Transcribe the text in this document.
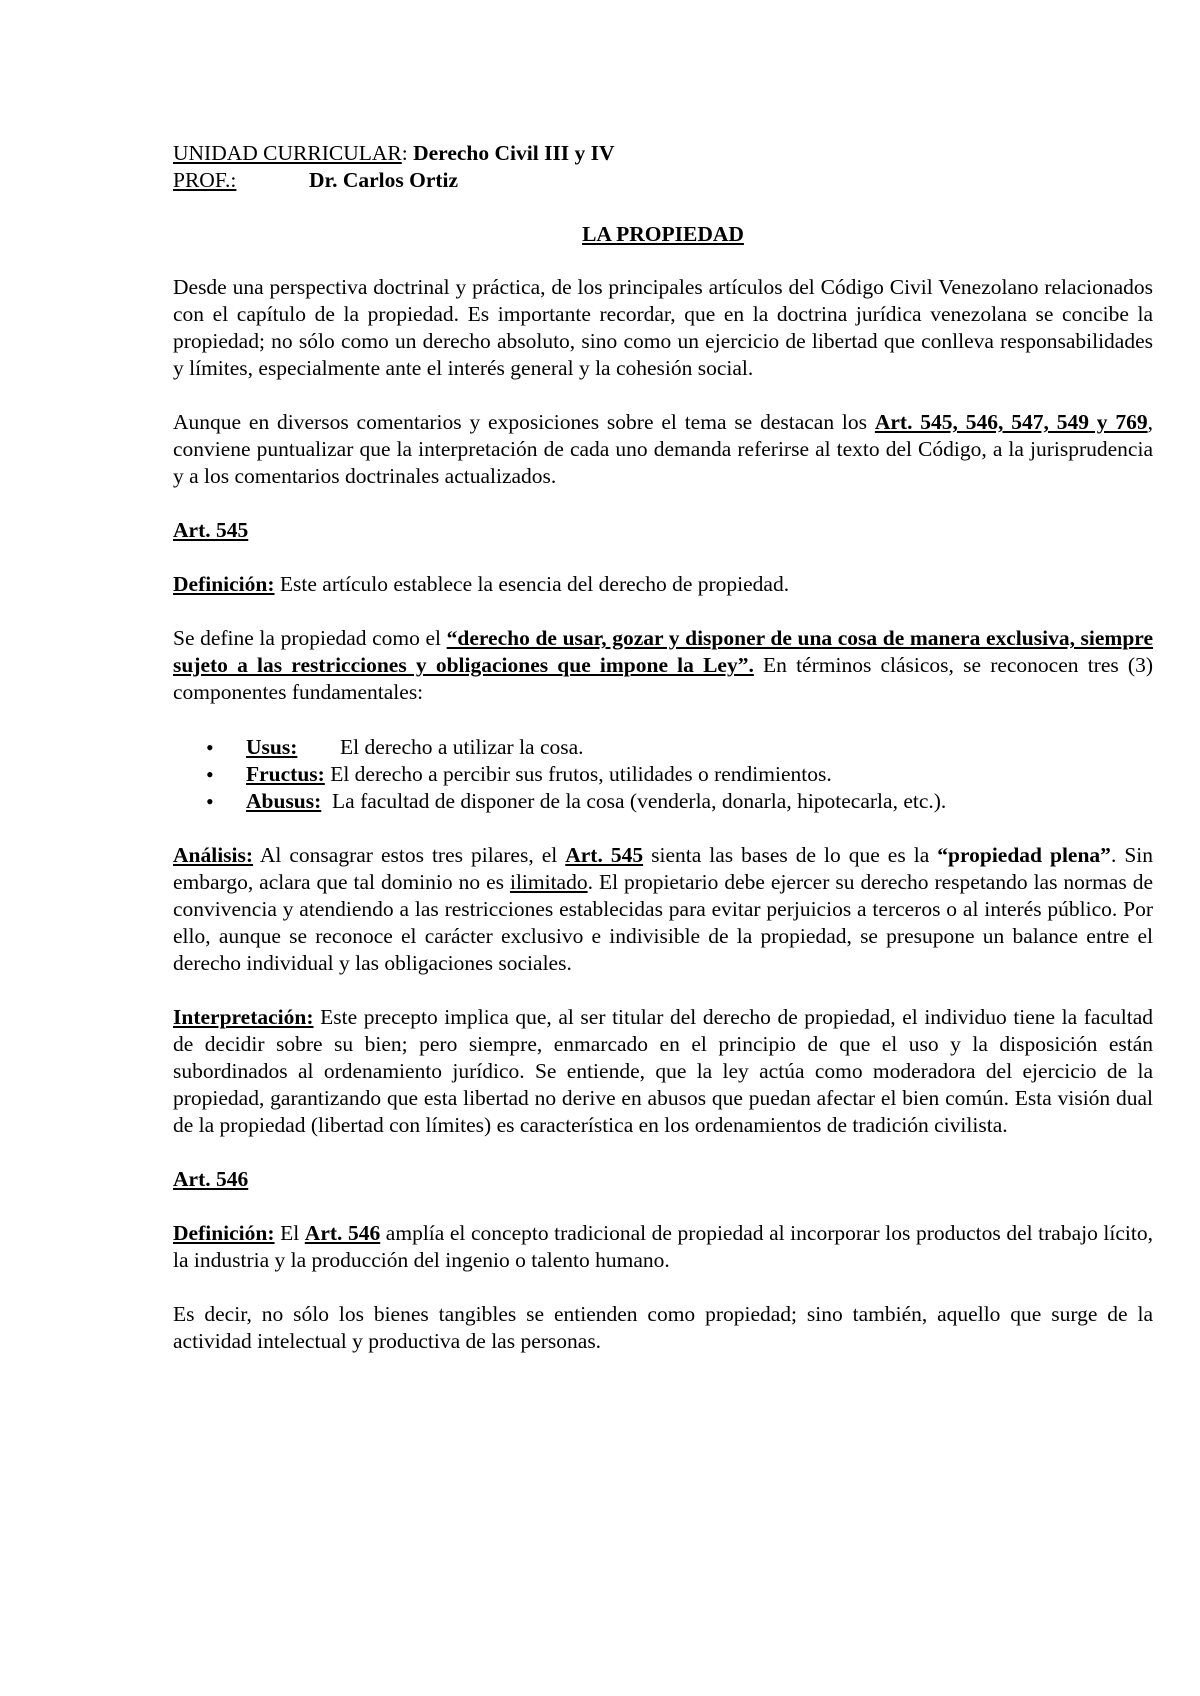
UNIDAD CURRICULAR: Derecho Civil III y IV

PROF.:	Dr. Carlos Ortiz

LA PROPIEDAD

Desde una perspectiva doctrinal y práctica, de los principales artículos del Código Civil Venezolano relacionados con el capítulo de la propiedad. Es importante recordar, que en la doctrina jurídica venezolana se concibe la propiedad; no sólo como un derecho absoluto, sino como un ejercicio de libertad que conlleva responsabilidades y límites, especialmente ante el interés general y la cohesión social.

Aunque en diversos comentarios y exposiciones sobre el tema se destacan los Art. 545, 546, 547, 549 y 769, conviene puntualizar que la interpretación de cada uno demanda referirse al texto del Código, a la jurisprudencia y a los comentarios doctrinales actualizados.

Art. 545

Definición: Este artículo establece la esencia del derecho de propiedad.

Se define la propiedad como el “derecho de usar, gozar y disponer de una cosa de manera exclusiva, siempre sujeto a las restricciones y obligaciones que impone la Ley”. En términos clásicos, se reconocen tres (3) componentes fundamentales:

• Usus: El derecho a utilizar la cosa.
• Fructus: El derecho a percibir sus frutos, utilidades o rendimientos.
• Abusus:  La facultad de disponer de la cosa (venderla, donarla, hipotecarla, etc.).

Análisis: Al consagrar estos tres pilares, el Art. 545 sienta las bases de lo que es la “propiedad plena”. Sin embargo, aclara que tal dominio no es ilimitado. El propietario debe ejercer su derecho respetando las normas de convivencia y atendiendo a las restricciones establecidas para evitar perjuicios a terceros o al interés público. Por ello, aunque se reconoce el carácter exclusivo e indivisible de la propiedad, se presupone un balance entre el derecho individual y las obligaciones sociales.

Interpretación: Este precepto implica que, al ser titular del derecho de propiedad, el individuo tiene la facultad de decidir sobre su bien; pero siempre, enmarcado en el principio de que el uso y la disposición están subordinados al ordenamiento jurídico. Se entiende, que la ley actúa como moderadora del ejercicio de la propiedad, garantizando que esta libertad no derive en abusos que puedan afectar el bien común. Esta visión dual de la propiedad (libertad con límites) es característica en los ordenamientos de tradición civilista.

Art. 546

Definición: El Art. 546 amplía el concepto tradicional de propiedad al incorporar los productos del trabajo lícito, la industria y la producción del ingenio o talento humano.

Es decir, no sólo los bienes tangibles se entienden como propiedad; sino también, aquello que surge de la actividad intelectual y productiva de las personas.
